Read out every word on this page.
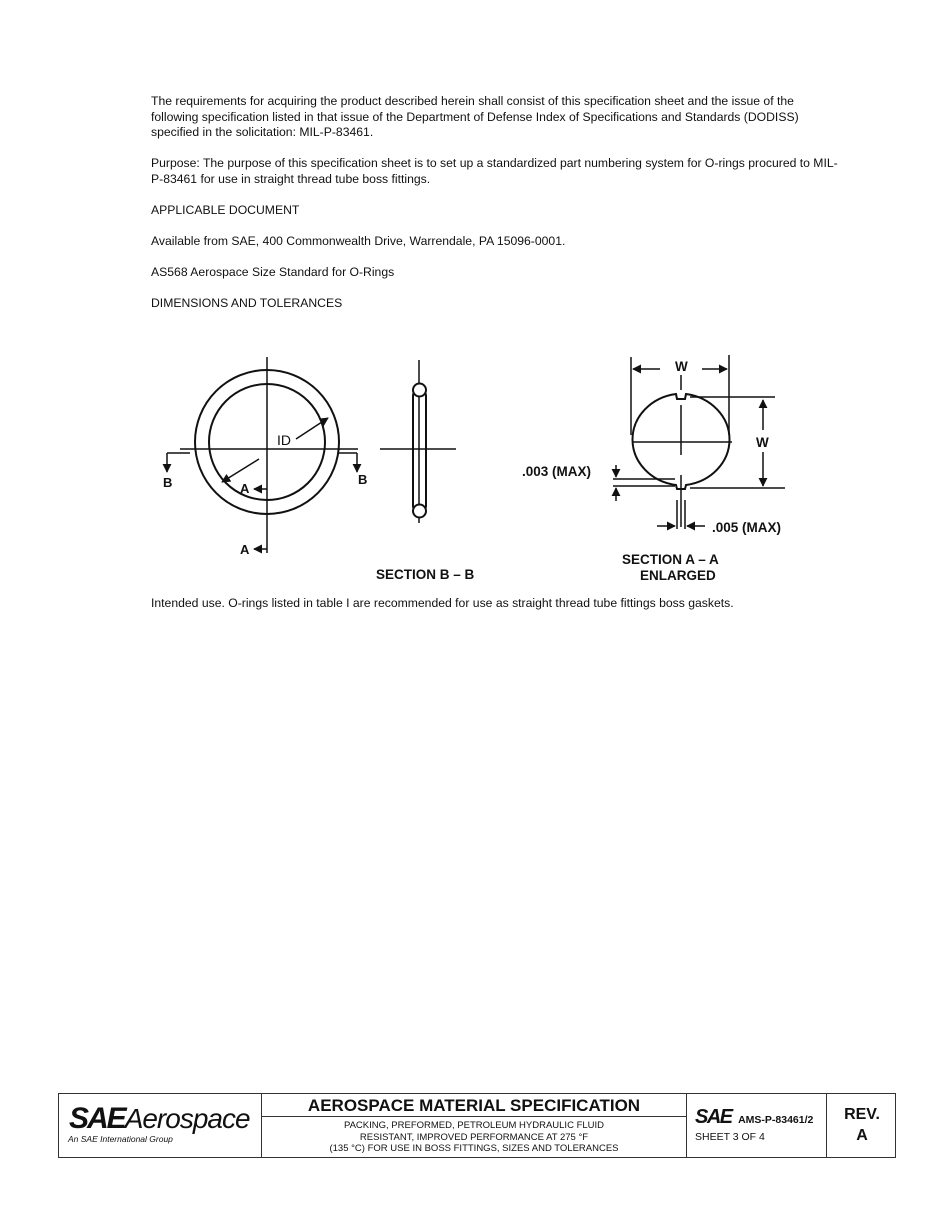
The requirements for acquiring the product described herein shall consist of this specification sheet and the issue of the following specification listed in that issue of the Department of Defense Index of Specifications and Standards (DODISS) specified in the solicitation: MIL-P-83461.
Purpose: The purpose of this specification sheet is to set up a standardized part numbering system for O-rings procured to MIL-P-83461 for use in straight thread tube boss fittings.
APPLICABLE DOCUMENT
Available from SAE, 400 Commonwealth Drive, Warrendale, PA 15096-0001.
AS568 Aerospace Size Standard for O-Rings
DIMENSIONS AND TOLERANCES
ID
A
A
B	B
SECTION B – B
W
W
.003 (MAX)
.005 (MAX)
SECTION A – A
ENLARGED
Intended use. O-rings listed in table I are recommended for use as straight thread tube fittings boss gaskets.
SAEAerospace
An SAE International Group
AEROSPACE MATERIAL SPECIFICATION
PACKING, PREFORMED, PETROLEUM HYDRAULIC FLUID
RESISTANT, IMPROVED PERFORMANCE AT 275 °F
(135 °C) FOR USE IN BOSS FITTINGS, SIZES AND TOLERANCES
SAE AMS-P-83461/2
SHEET 3 OF 4
REV.
A
